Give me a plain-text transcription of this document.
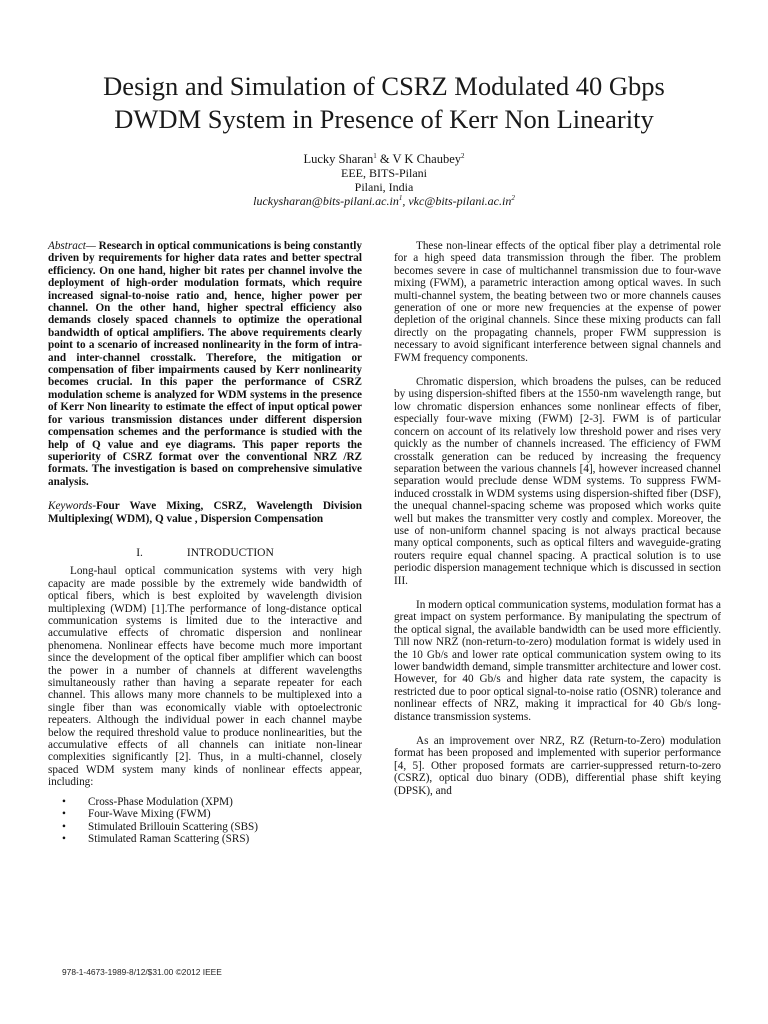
Design and Simulation of CSRZ Modulated 40 Gbps
DWDM System in Presence of Kerr Non Linearity
Lucky Sharan$^1$ & V K Chaubey$^2$
EEE, BITS-Pilani
Pilani, India
$luckysharan@bits-pilani.ac.in^1$, $vkc@bits-pilani.ac.in^2$

Abstract— Research in optical communications is being constantly driven by requirements for higher data rates and better spectral efficiency. On one hand, higher bit rates per channel involve the deployment of high-order modulation formats, which require increased signal-to-noise ratio and, hence, higher power per channel. On the other hand, higher spectral efficiency also demands closely spaced channels to optimize the operational bandwidth of optical amplifiers. The above requirements clearly point to a scenario of increased nonlinearity in the form of intra- and inter-channel crosstalk. Therefore, the mitigation or compensation of fiber impairments caused by Kerr nonlinearity becomes crucial. In this paper the performance of CSRZ modulation scheme is analyzed for WDM systems in the presence of Kerr Non linearity to estimate the effect of input optical power for various transmission distances under different dispersion compensation schemes and the performance is studied with the help of Q value and eye diagrams. This paper reports the superiority of CSRZ format over the conventional NRZ /RZ formats. The investigation is based on comprehensive simulative analysis.

Keywords-Four Wave Mixing, CSRZ, Wavelength Division Multiplexing( WDM), Q value , Dispersion Compensation

I.	INTRODUCTION

Long-haul optical communication systems with very high capacity are made possible by the extremely wide bandwidth of optical fibers, which is best exploited by wavelength division multiplexing (WDM) [1].The performance of long-distance optical communication systems is limited due to the interactive and accumulative effects of chromatic dispersion and nonlinear phenomena. Nonlinear effects have become much more important since the development of the optical fiber amplifier which can boost the power in a number of channels at different wavelengths simultaneously rather than having a separate repeater for each channel. This allows many more channels to be multiplexed into a single fiber than was economically viable with optoelectronic repeaters. Although the individual power in each channel maybe below the required threshold value to produce nonlinearities, but the accumulative effects of all channels can initiate non-linear complexities significantly [2]. Thus, in a multi-channel, closely spaced WDM system many kinds of nonlinear effects appear, including:

• Cross-Phase Modulation (XPM)
• Four-Wave Mixing (FWM)
• Stimulated Brillouin Scattering (SBS)
• Stimulated Raman Scattering (SRS)

These non-linear effects of the optical fiber play a detrimental role for a high speed data transmission through the fiber. The problem becomes severe in case of multichannel transmission due to four-wave mixing (FWM), a parametric interaction among optical waves. In such multi-channel system, the beating between two or more channels causes generation of one or more new frequencies at the expense of power depletion of the original channels. Since these mixing products can fall directly on the propagating channels, proper FWM suppression is necessary to avoid significant interference between signal channels and FWM frequency components.

Chromatic dispersion, which broadens the pulses, can be reduced by using dispersion-shifted fibers at the 1550-nm wavelength range, but low chromatic dispersion enhances some nonlinear effects of fiber, especially four-wave mixing (FWM) [2-3]. FWM is of particular concern on account of its relatively low threshold power and rises very quickly as the number of channels increased. The efficiency of FWM crosstalk generation can be reduced by increasing the frequency separation between the various channels [4], however increased channel separation would preclude dense WDM systems. To suppress FWM-induced crosstalk in WDM systems using dispersion-shifted fiber (DSF), the unequal channel-spacing scheme was proposed which works quite well but makes the transmitter very costly and complex. Moreover, the use of non-uniform channel spacing is not always practical because many optical components, such as optical filters and waveguide-grating routers require equal channel spacing. A practical solution is to use periodic dispersion management technique which is discussed in section III.

In modern optical communication systems, modulation format has a great impact on system performance. By manipulating the spectrum of the optical signal, the available bandwidth can be used more efficiently. Till now NRZ (non-return-to-zero) modulation format is widely used in the 10 Gb/s and lower rate optical communication system owing to its lower bandwidth demand, simple transmitter architecture and lower cost. However, for 40 Gb/s and higher data rate system, the capacity is restricted due to poor optical signal-to-noise ratio (OSNR) tolerance and nonlinear effects of NRZ, making it impractical for 40 Gb/s long-distance transmission systems.

As an improvement over NRZ, RZ (Return-to-Zero) modulation format has been proposed and implemented with superior performance [4, 5]. Other proposed formats are carrier-suppressed return-to-zero (CSRZ), optical duo binary (ODB), differential phase shift keying (DPSK), and

978-1-4673-1989-8/12/$31.00 ©2012 IEEE
